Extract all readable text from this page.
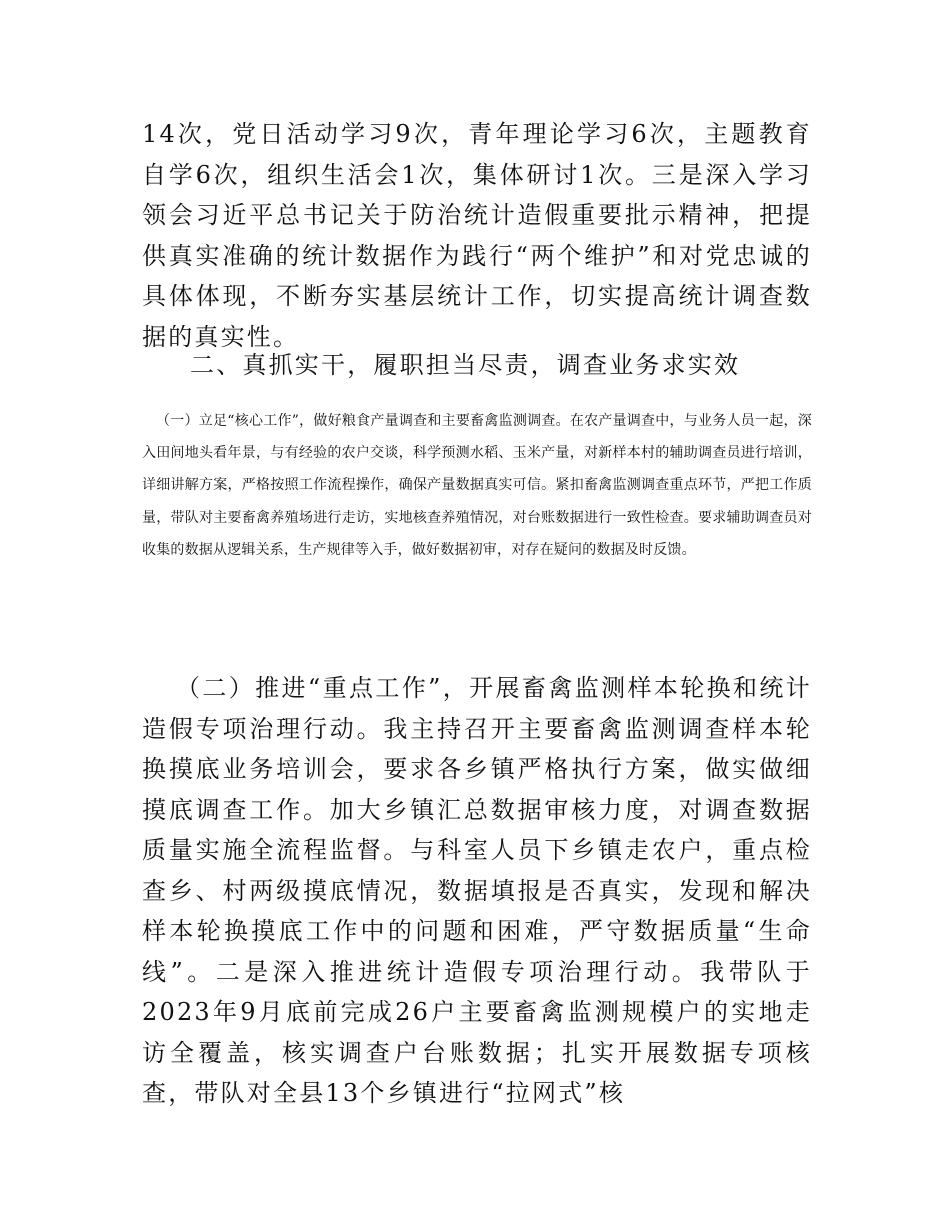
14次，党日活动学习9次，青年理论学习6次，主题教育自学6次，组织生活会1次，集体研讨1次。三是深入学习领会习近平总书记关于防治统计造假重要批示精神，把提供真实准确的统计数据作为践行“两个维护”和对党忠诚的具体体现，不断夯实基层统计工作，切实提高统计调查数据的真实性。

二、真抓实干，履职担当尽责，调查业务求实效

（一）立足“核心工作”，做好粮食产量调查和主要畜禽监测调查。在农产量调查中，与业务人员一起，深入田间地头看年景，与有经验的农户交谈，科学预测水稻、玉米产量，对新样本村的辅助调查员进行培训，详细讲解方案，严格按照工作流程操作，确保产量数据真实可信。紧扣畜禽监测调查重点环节，严把工作质量，带队对主要畜禽养殖场进行走访，实地核查养殖情况，对台账数据进行一致性检查。要求辅助调查员对收集的数据从逻辑关系，生产规律等入手，做好数据初审，对存在疑问的数据及时反馈。

（二）推进“重点工作”，开展畜禽监测样本轮换和统计造假专项治理行动。我主持召开主要畜禽监测调查样本轮换摸底业务培训会，要求各乡镇严格执行方案，做实做细摸底调查工作。加大乡镇汇总数据审核力度，对调查数据质量实施全流程监督。与科室人员下乡镇走农户，重点检查乡、村两级摸底情况，数据填报是否真实，发现和解决样本轮换摸底工作中的问题和困难，严守数据质量“生命线”。二是深入推进统计造假专项治理行动。我带队于2023年9月底前完成26户主要畜禽监测规模户的实地走访全覆盖，核实调查户台账数据；扎实开展数据专项核查，带队对全县13个乡镇进行“拉网式”核
